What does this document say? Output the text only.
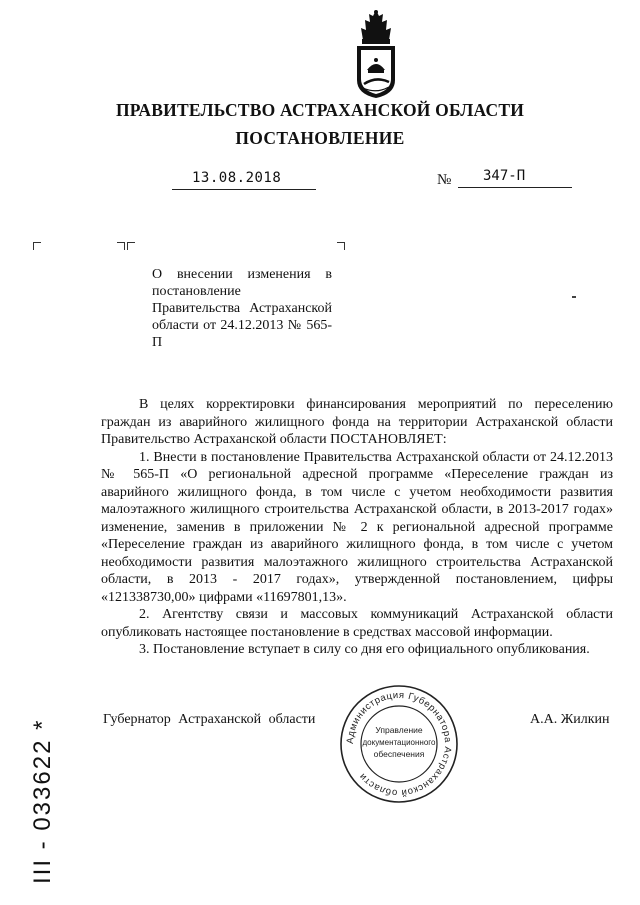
ПРАВИТЕЛЬСТВО АСТРАХАНСКОЙ ОБЛАСТИ
ПОСТАНОВЛЕНИЕ
13.08.2018	№ 347-П
О внесении изменения в постановление Правительства Астраханской области от 24.12.2013 № 565-П

В целях корректировки финансирования мероприятий по переселению граждан из аварийного жилищного фонда на территории Астраханской области Правительство Астраханской области ПОСТАНОВЛЯЕТ:

1. Внести в постановление Правительства Астраханской области от 24.12.2013 № 565-П «О региональной адресной программе «Переселение граждан из аварийного жилищного фонда, в том числе с учетом необходимости развития малоэтажного жилищного строительства Астраханской области, в 2013-2017 годах» изменение, заменив в приложении № 2 к региональной адресной программе «Переселение граждан из аварийного жилищного фонда, в том числе с учетом необходимости развития малоэтажного жилищного строительства Астраханской области, в 2013 - 2017 годах», утвержденной постановлением, цифры «121338730,00» цифрами «11697801,13».

2. Агентству связи и массовых коммуникаций Астраханской области опубликовать настоящее постановление в средствах массовой информации.

3. Постановление вступает в силу со дня его официального опубликования.

Губернатор Астраханской области	А.А. Жилкин
Администрация Губернатора Астраханской области
Управление
документационного
обеспечения
III - 033622 *
